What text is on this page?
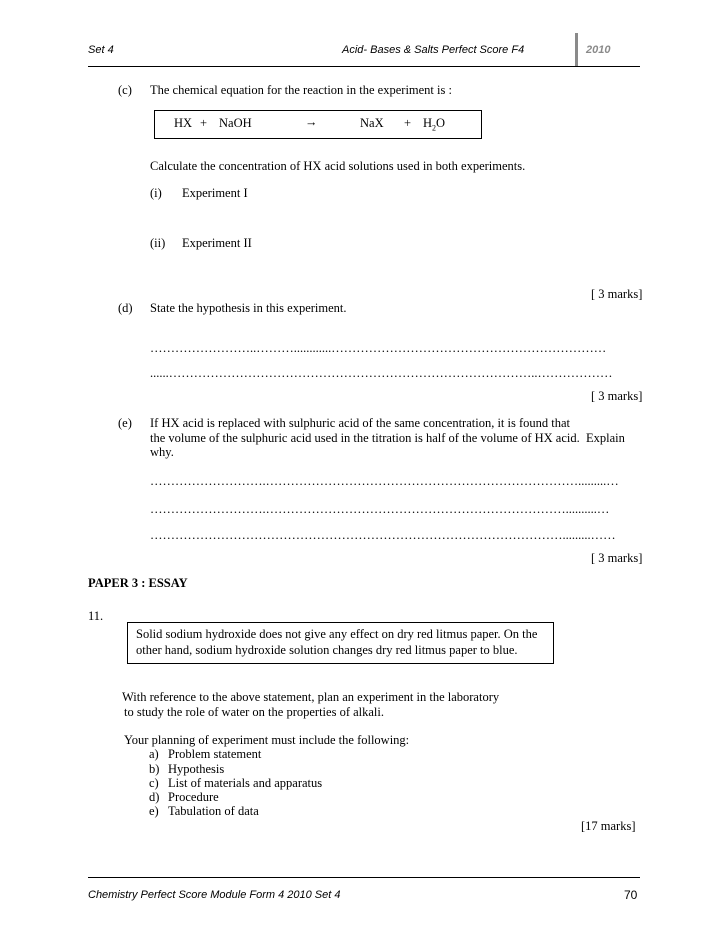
Set 4	Acid- Bases & Salts Perfect Score F4	2010
(c) The chemical equation for the reaction in the experiment is :
HX + NaOH	→	NaX + $H_2O$
Calculate the concentration of HX acid solutions used in both experiments.
(i) Experiment I
(ii) Experiment II
[ 3 marks]
(d) State the hypothesis in this experiment.
……………………..………............…………………………………………………………
......……………………………………………………………………………..………………
[ 3 marks]
(e) If HX acid is replaced with sulphuric acid of the same concentration, it is found that
the volume of the sulphuric acid used in the titration is half of the volume of HX acid. Explain
why.
……………………….………………………………………………………………….........…
……………………….………………………………………………………………..........…
……………………………………………………………………………………….........……
[ 3 marks]
PAPER 3 : ESSAY
11.
Solid sodium hydroxide does not give any effect on dry red litmus paper. On the
other hand, sodium hydroxide solution changes dry red litmus paper to blue.
With reference to the above statement, plan an experiment in the laboratory
to study the role of water on the properties of alkali.
Your planning of experiment must include the following:
a) Problem statement
b) Hypothesis
c) List of materials and apparatus
d) Procedure
e) Tabulation of data
[17 marks]
Chemistry Perfect Score Module Form 4 2010 Set 4	70
